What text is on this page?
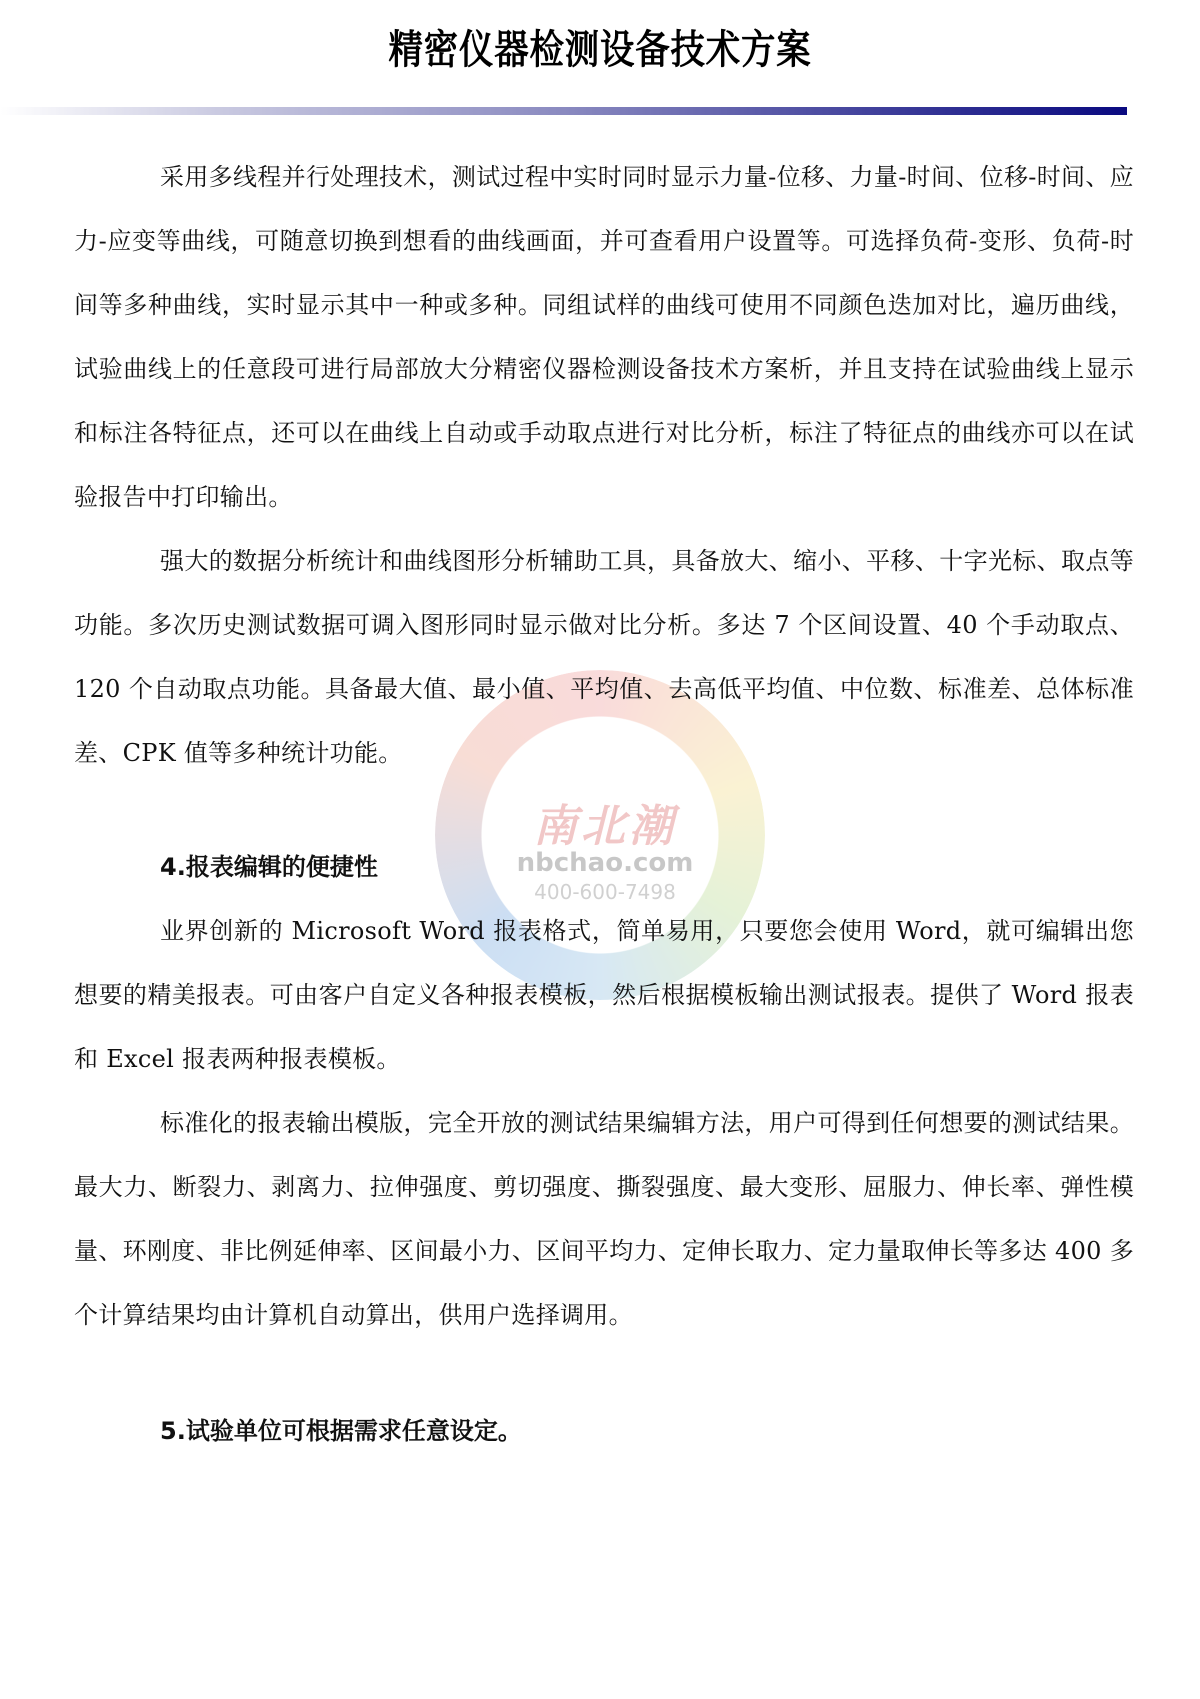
精密仪器检测设备技术方案
南北潮
nbchao.com
400-600-7498

采用多线程并行处理技术，测试过程中实时同时显示力量-位移、力量-时间、位移-时间、应力-应变等曲线，可随意切换到想看的曲线画面，并可查看用户设置等。可选择负荷-变形、负荷-时间等多种曲线，实时显示其中一种或多种。同组试样的曲线可使用不同颜色迭加对比，遍历曲线，试验曲线上的任意段可进行局部放大分精密仪器检测设备技术方案析，并且支持在试验曲线上显示和标注各特征点，还可以在曲线上自动或手动取点进行对比分析，标注了特征点的曲线亦可以在试验报告中打印输出。

强大的数据分析统计和曲线图形分析辅助工具，具备放大、缩小、平移、十字光标、取点等功能。多次历史测试数据可调入图形同时显示做对比分析。多达 7 个区间设置、40 个手动取点、120 个自动取点功能。具备最大值、最小值、平均值、去高低平均值、中位数、标准差、总体标准差、CPK 值等多种统计功能。

4.报表编辑的便捷性

业界创新的 Microsoft Word 报表格式，简单易用，只要您会使用 Word，就可编辑出您想要的精美报表。可由客户自定义各种报表模板，然后根据模板输出测试报表。提供了 Word 报表和 Excel 报表两种报表模板。

标准化的报表输出模版，完全开放的测试结果编辑方法，用户可得到任何想要的测试结果。最大力、断裂力、剥离力、拉伸强度、剪切强度、撕裂强度、最大变形、屈服力、伸长率、弹性模量、环刚度、非比例延伸率、区间最小力、区间平均力、定伸长取力、定力量取伸长等多达 400 多个计算结果均由计算机自动算出，供用户选择调用。

5.试验单位可根据需求任意设定。
